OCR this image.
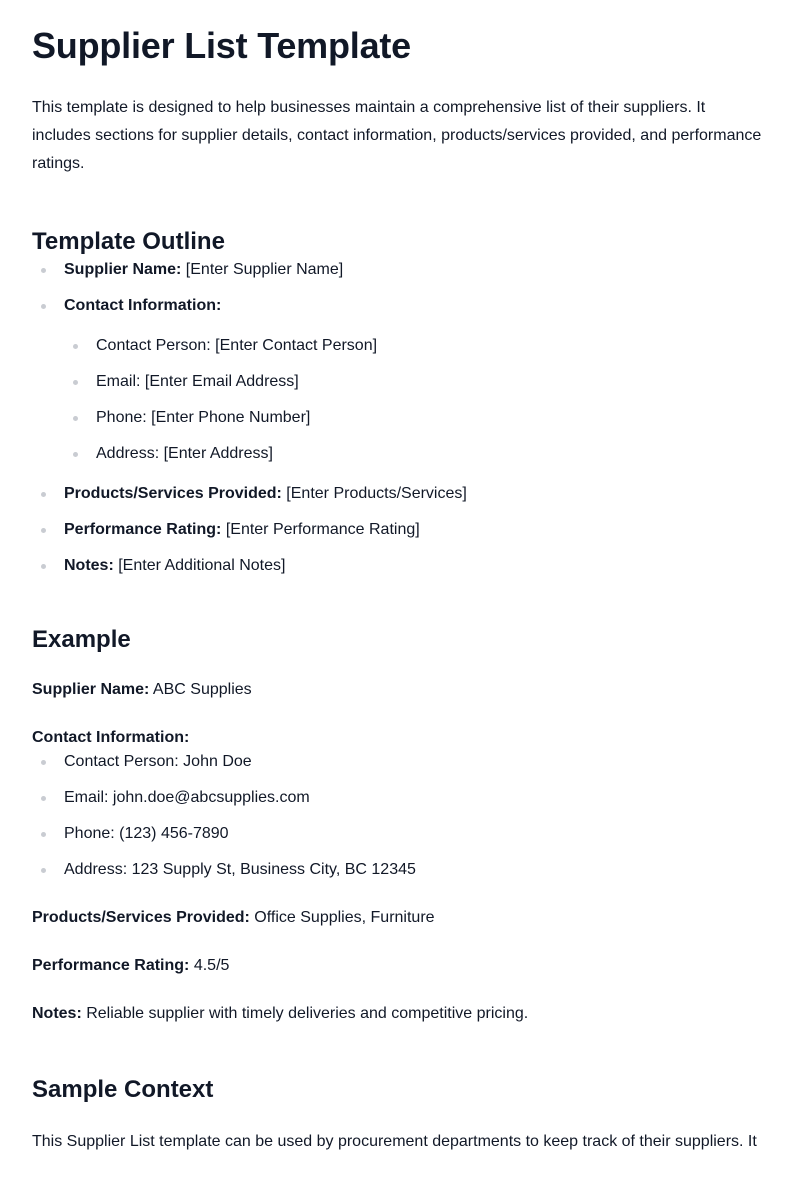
Supplier List Template

This template is designed to help businesses maintain a comprehensive list of their suppliers. It includes sections for supplier details, contact information, products/services provided, and performance ratings.

Template Outline
Supplier Name: [Enter Supplier Name]
Contact Information:
Contact Person: [Enter Contact Person]
Email: [Enter Email Address]
Phone: [Enter Phone Number]
Address: [Enter Address]
Products/Services Provided: [Enter Products/Services]
Performance Rating: [Enter Performance Rating]
Notes: [Enter Additional Notes]
Example

Supplier Name: ABC Supplies

Contact Information:

Contact Person: John Doe
Email: john.doe@abcsupplies.com
Phone: (123) 456-7890
Address: 123 Supply St, Business City, BC 12345

Products/Services Provided: Office Supplies, Furniture

Performance Rating: 4.5/5

Notes: Reliable supplier with timely deliveries and competitive pricing.

Sample Context

This Supplier List template can be used by procurement departments to keep track of their suppliers. It
